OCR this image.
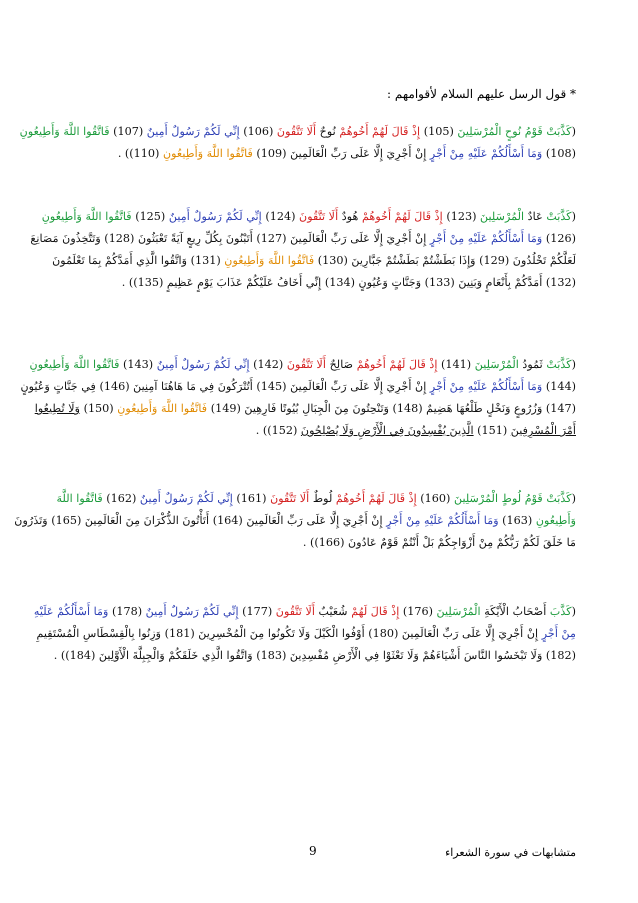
* قول الرسل عليهم السلام لأقوامهم :
(كَذَّبَتْ قَوْمُ نُوحٍ الْمُرْسَلِينَ (105) إِذْ قَالَ لَهُمْ أَخُوهُمْ نُوحٌ أَلَا تَتَّقُونَ (106) إِنِّي لَكُمْ رَسُولٌ أَمِينٌ (107) فَاتَّقُوا اللَّهَ وَأَطِيعُونِ
(108) وَمَا أَسْأَلُكُمْ عَلَيْهِ مِنْ أَجْرٍ إِنْ أَجْرِيَ إِلَّا عَلَى رَبِّ الْعَالَمِينَ (109) فَاتَّقُوا اللَّهَ وَأَطِيعُونِ (110)) .
(كَذَّبَتْ عَادٌ الْمُرْسَلِينَ (123) إِذْ قَالَ لَهُمْ أَخُوهُمْ هُودٌ أَلَا تَتَّقُونَ (124) إِنِّي لَكُمْ رَسُولٌ أَمِينٌ (125) فَاتَّقُوا اللَّهَ وَأَطِيعُونِ
(126) وَمَا أَسْأَلُكُمْ عَلَيْهِ مِنْ أَجْرٍ إِنْ أَجْرِيَ إِلَّا عَلَى رَبِّ الْعَالَمِينَ (127) أَتَبْنُونَ بِكُلِّ رِيعٍ آيَةً تَعْبَثُونَ (128) وَتَتَّخِذُونَ مَصَانِعَ
لَعَلَّكُمْ تَخْلُدُونَ (129) وَإِذَا بَطَشْتُمْ بَطَشْتُمْ جَبَّارِينَ (130) فَاتَّقُوا اللَّهَ وَأَطِيعُونِ (131) وَاتَّقُوا الَّذِي أَمَدَّكُمْ بِمَا تَعْلَمُونَ
(132) أَمَدَّكُمْ بِأَنْعَامٍ وَبَنِينَ (133) وَجَنَّاتٍ وَعُيُونٍ (134) إِنِّي أَخَافُ عَلَيْكُمْ عَذَابَ يَوْمٍ عَظِيمٍ (135)) .
(كَذَّبَتْ ثَمُودُ الْمُرْسَلِينَ (141) إِذْ قَالَ لَهُمْ أَخُوهُمْ صَالِحٌ أَلَا تَتَّقُونَ (142) إِنِّي لَكُمْ رَسُولٌ أَمِينٌ (143) فَاتَّقُوا اللَّهَ وَأَطِيعُونِ
(144) وَمَا أَسْأَلُكُمْ عَلَيْهِ مِنْ أَجْرٍ إِنْ أَجْرِيَ إِلَّا عَلَى رَبِّ الْعَالَمِينَ (145) أَتُتْرَكُونَ فِي مَا هَاهُنَا آمِنِينَ (146) فِي جَنَّاتٍ وَعُيُونٍ
(147) وَزُرُوعٍ وَنَخْلٍ طَلْعُهَا هَضِيمٌ (148) وَتَنْحِتُونَ مِنَ الْجِبَالِ بُيُوتًا فَارِهِينَ (149) فَاتَّقُوا اللَّهَ وَأَطِيعُونِ (150) وَلَا تُطِيعُوا
أَمْرَ الْمُسْرِفِينَ (151) الَّذِينَ يُفْسِدُونَ فِي الْأَرْضِ وَلَا يُصْلِحُونَ (152)) .
(كَذَّبَتْ قَوْمُ لُوطٍ الْمُرْسَلِينَ (160) إِذْ قَالَ لَهُمْ أَخُوهُمْ لُوطٌ أَلَا تَتَّقُونَ (161) إِنِّي لَكُمْ رَسُولٌ أَمِينٌ (162) فَاتَّقُوا اللَّهَ
وَأَطِيعُونِ (163) وَمَا أَسْأَلُكُمْ عَلَيْهِ مِنْ أَجْرٍ إِنْ أَجْرِيَ إِلَّا عَلَى رَبِّ الْعَالَمِينَ (164) أَتَأْتُونَ الذُّكْرَانَ مِنَ الْعَالَمِينَ (165) وَتَذَرُونَ
مَا خَلَقَ لَكُمْ رَبُّكُمْ مِنْ أَزْوَاجِكُمْ بَلْ أَنْتُمْ قَوْمٌ عَادُونَ (166)) .
(كَذَّبَ أَصْحَابُ الْأَيْكَةِ الْمُرْسَلِينَ (176) إِذْ قَالَ لَهُمْ شُعَيْبٌ أَلَا تَتَّقُونَ (177) إِنِّي لَكُمْ رَسُولٌ أَمِينٌ (178) وَمَا أَسْأَلُكُمْ عَلَيْهِ
مِنْ أَجْرٍ إِنْ أَجْرِيَ إِلَّا عَلَى رَبِّ الْعَالَمِينَ (180) أَوْفُوا الْكَيْلَ وَلَا تَكُونُوا مِنَ الْمُخْسِرِينَ (181) وَزِنُوا بِالْقِسْطَاسِ الْمُسْتَقِيمِ
(182) وَلَا تَبْخَسُوا النَّاسَ أَشْيَاءَهُمْ وَلَا تَعْثَوْا فِي الْأَرْضِ مُفْسِدِينَ (183) وَاتَّقُوا الَّذِي خَلَقَكُمْ وَالْجِبِلَّةَ الْأَوَّلِينَ (184)) .
9	متشابهات في سورة الشعراء
